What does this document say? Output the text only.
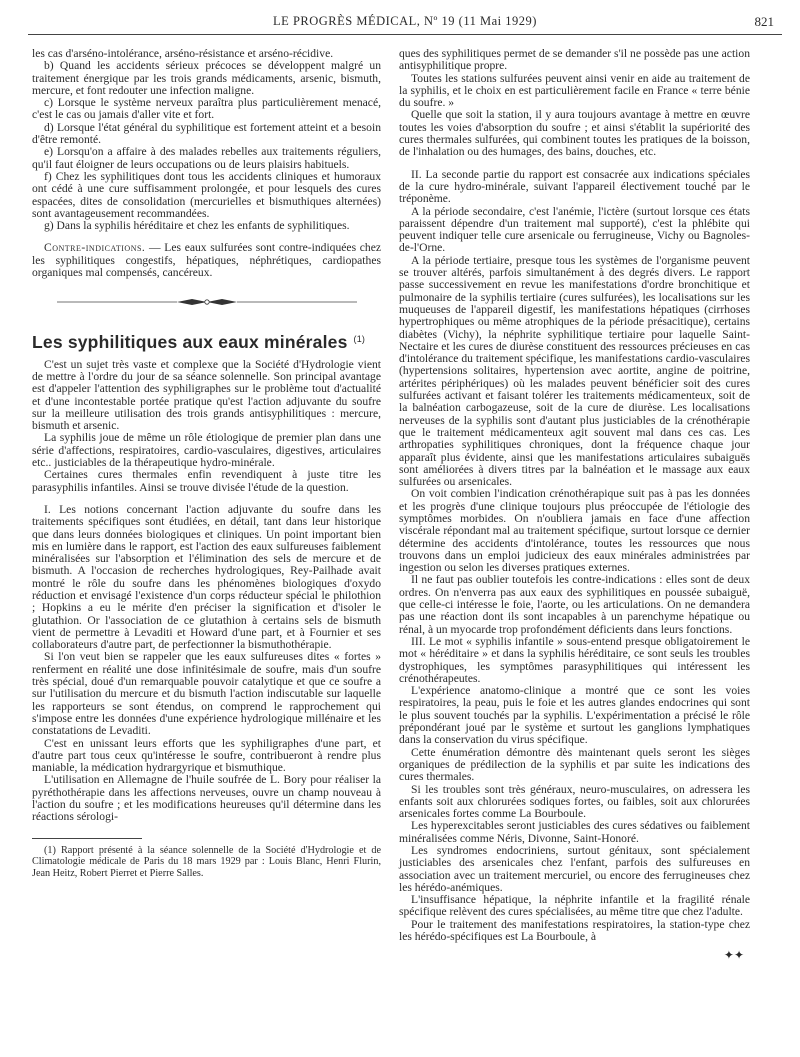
LE PROGRÈS MÉDICAL, Nº 19 (11 Mai 1929)	821

les cas d'arséno-intolérance, arséno-résistance et arséno-récidive.

b) Quand les accidents sérieux précoces se développent malgré un traitement énergique par les trois grands médicaments, arsenic, bismuth, mercure, et font redouter une infection maligne.

c) Lorsque le système nerveux paraîtra plus particulièrement menacé, c'est le cas ou jamais d'aller vite et fort.

d) Lorsque l'état général du syphilitique est fortement atteint et a besoin d'être remonté.

e) Lorsqu'on a affaire à des malades rebelles aux traitements réguliers, qu'il faut éloigner de leurs occupations ou de leurs plaisirs habituels.

f) Chez les syphilitiques dont tous les accidents cliniques et humoraux ont cédé à une cure suffisamment prolongée, et pour lesquels des cures espacées, dites de consolidation (mercurielles et bismuthiques alternées) sont avantageusement recommandées.

g) Dans la syphilis héréditaire et chez les enfants de syphilitiques.

Contre-indications. — Les eaux sulfurées sont contre-indiquées chez les syphilitiques congestifs, hépatiques, néphrétiques, cardiopathes organiques mal compensés, cancéreux.

Les syphilitiques aux eaux minérales $^{(1)}$

C'est un sujet très vaste et complexe que la Société d'Hydrologie vient de mettre à l'ordre du jour de sa séance solennelle. Son principal avantage est d'appeler l'attention des syphiligraphes sur le problème tout d'actualité et d'une incontestable portée pratique qu'est l'action adjuvante du soufre sur la meilleure utilisation des trois grands antisyphilitiques : mercure, bismuth et arsenic.

La syphilis joue de même un rôle étiologique de premier plan dans une série d'affections, respiratoires, cardio-vasculaires, digestives, articulaires etc.. justiciables de la thérapeutique hydro-minérale.

Certaines cures thermales enfin revendiquent à juste titre les parasyphilis infantiles. Ainsi se trouve divisée l'étude de la question.

I. Les notions concernant l'action adjuvante du soufre dans les traitements spécifiques sont étudiées, en détail, tant dans leur historique que dans leurs données biologiques et cliniques. Un point important bien mis en lumière dans le rapport, est l'action des eaux sulfureuses faiblement minéralisées sur l'absorption et l'élimination des sels de mercure et de bismuth. A l'occasion de recherches hydrologiques, Rey-Pailhade avait montré le rôle du soufre dans les phénomènes biologiques d'oxydo réduction et envisagé l'existence d'un corps réducteur spécial le philothion ; Hopkins a eu le mérite d'en préciser la signification et d'isoler le glutathion. Or l'association de ce glutathion à certains sels de bismuth vient de permettre à Levaditi et Howard d'une part, et à Fournier et ses collaborateurs d'autre part, de perfectionner la bismuthothérapie.

Si l'on veut bien se rappeler que les eaux sulfureuses dites « fortes » renferment en réalité une dose infinitésimale de soufre, mais d'un soufre très spécial, doué d'un remarquable pouvoir catalytique et que ce soufre a sur l'utilisation du mercure et du bismuth l'action indiscutable sur laquelle les rapporteurs se sont étendus, on comprend le rapprochement qui s'impose entre les données d'une expérience hydrologique millénaire et les constatations de Levaditi.

C'est en unissant leurs efforts que les syphiligraphes d'une part, et d'autre part tous ceux qu'intéresse le soufre, contribueront à rendre plus maniable, la médication hydrargyrique et bismuthique.

L'utilisation en Allemagne de l'huile soufrée de L. Bory pour réaliser la pyréthothérapie dans les affections nerveuses, ouvre un champ nouveau à l'action du soufre ; et les modifications heureuses qu'il détermine dans les réactions sérologi-

(1) Rapport présenté à la séance solennelle de la Société d'Hydrologie et de Climatologie médicale de Paris du 18 mars 1929 par : Louis Blanc, Henri Flurin, Jean Heitz, Robert Pierret et Pierre Salles.

ques des syphilitiques permet de se demander s'il ne possède pas une action antisyphilitique propre.

Toutes les stations sulfurées peuvent ainsi venir en aide au traitement de la syphilis, et le choix en est particulièrement facile en France « terre bénie du soufre. »

Quelle que soit la station, il y aura toujours avantage à mettre en œuvre toutes les voies d'absorption du soufre ; et ainsi s'établit la supériorité des cures thermales sulfurées, qui combinent toutes les pratiques de la boisson, de l'inhalation ou des humages, des bains, douches, etc.

II. La seconde partie du rapport est consacrée aux indications spéciales de la cure hydro-minérale, suivant l'appareil électivement touché par le tréponème.

A la période secondaire, c'est l'anémie, l'ictère (surtout lorsque ces états paraissent dépendre d'un traitement mal supporté), c'est la phlébite qui peuvent indiquer telle cure arsenicale ou ferrugineuse, Vichy ou Bagnoles-de-l'Orne.

A la période tertiaire, presque tous les systèmes de l'organisme peuvent se trouver altérés, parfois simultanément à des degrés divers. Le rapport passe successivement en revue les manifestations d'ordre bronchitique et pulmonaire de la syphilis tertiaire (cures sulfurées), les localisations sur les muqueuses de l'appareil digestif, les manifestations hépatiques (cirrhoses hypertrophiques ou même atrophiques de la période présacitique), certains diabètes (Vichy), la néphrite syphilitique tertiaire pour laquelle Saint-Nectaire et les cures de diurèse constituent des ressources précieuses en cas d'intolérance du traitement spécifique, les manifestations cardio-vasculaires (hypertensions solitaires, hypertension avec aortite, angine de poitrine, artérites périphériques) où les malades peuvent bénéficier soit des cures sulfurées activant et faisant tolérer les traitements médicamenteux, soit de la balnéation carbogazeuse, soit de la cure de diurèse. Les localisations nerveuses de la syphilis sont d'autant plus justiciables de la crénothérapie que le traitement médicamenteux agit souvent mal dans ces cas. Les arthropaties syphilitiques chroniques, dont la fréquence chaque jour apparaît plus évidente, ainsi que les manifestations articulaires subaiguës sont améliorées à divers titres par la balnéation et le massage aux eaux sulfurées ou arsenicales.

On voit combien l'indication crénothérapique suit pas à pas les données et les progrès d'une clinique toujours plus préoccupée de l'étiologie des symptômes morbides. On n'oubliera jamais en face d'une affection viscérale répondant mal au traitement spécifique, surtout lorsque ce dernier détermine des accidents d'intolérance, toutes les ressources que nous trouvons dans un emploi judicieux des eaux minérales administrées par ingestion ou selon les diverses pratiques externes.

Il ne faut pas oublier toutefois les contre-indications : elles sont de deux ordres. On n'enverra pas aux eaux des syphilitiques en poussée subaiguë, que celle-ci intéresse le foie, l'aorte, ou les articulations. On ne demandera pas une réaction dont ils sont incapables à un parenchyme hépatique ou rénal, à un myocarde trop profondément déficients dans leurs fonctions.

III. Le mot « syphilis infantile » sous-entend presque obligatoirement le mot « héréditaire » et dans la syphilis héréditaire, ce sont seuls les troubles dystrophiques, les symptômes parasyphilitiques qui intéressent les crénothérapeutes.

L'expérience anatomo-clinique a montré que ce sont les voies respiratoires, la peau, puis le foie et les autres glandes endocrines qui sont le plus souvent touchés par la syphilis. L'expérimentation a précisé le rôle prépondérant joué par le système et surtout les ganglions lymphatiques dans la conservation du virus spécifique.

Cette énumération démontre dès maintenant quels seront les sièges organiques de prédilection de la syphilis et par suite les indications des cures thermales.

Si les troubles sont très généraux, neuro-musculaires, on adressera les enfants soit aux chlorurées sodiques fortes, ou faibles, soit aux chlorurées arsenicales fortes comme La Bourboule.

Les hyperexcitables seront justiciables des cures sédatives ou faiblement minéralisées comme Néris, Divonne, Saint-Honoré.

Les syndromes endocriniens, surtout génitaux, sont spécialement justiciables des arsenicales chez l'enfant, parfois des sulfureuses en association avec un traitement mercuriel, ou encore des ferrugineuses chez les hérédo-anémiques.

L'insuffisance hépatique, la néphrite infantile et la fragilité rénale spécifique relèvent des cures spécialisées, au même titre que chez l'adulte.

Pour le traitement des manifestations respiratoires, la station-type chez les hérédo-spécifiques est La Bourboule, à

✦✦
